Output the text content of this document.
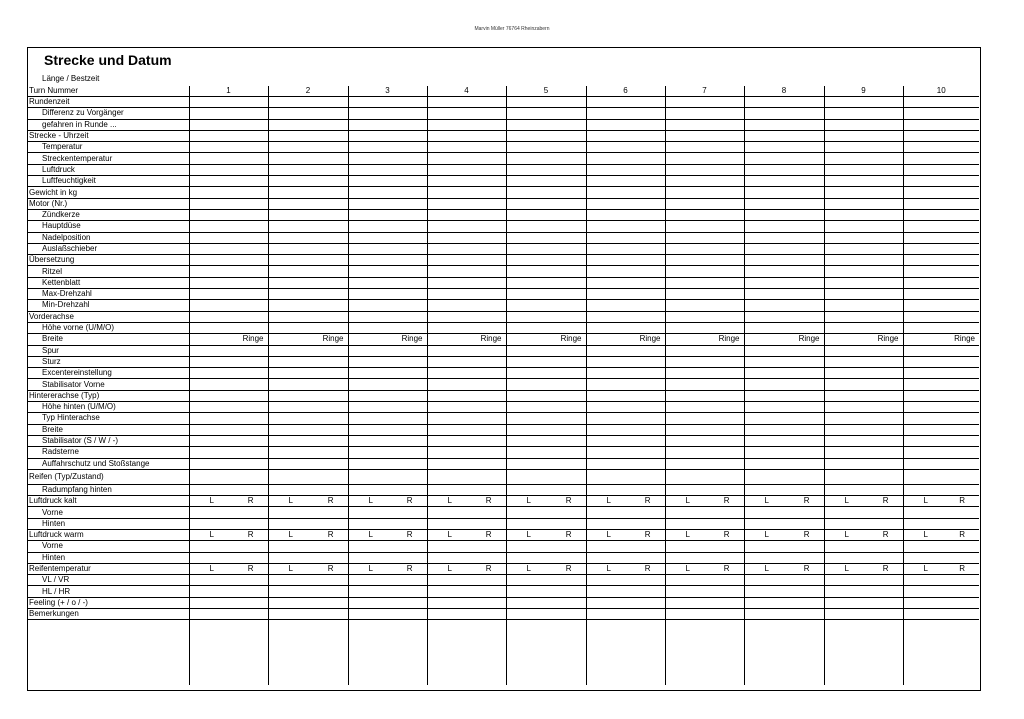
Marvin Müller 76764 Rheinzabern
Strecke und Datum
Länge / Bestzeit
Turn Nummer	1	2	3	4	5	6	7	8	9	10
Rundenzeit										
Differenz zu Vorgänger										
gefahren in Runde ...										
Strecke - Uhrzeit										
Temperatur										
Streckentemperatur										
Luftdruck										
Luftfeuchtigkeit										
Gewicht in kg										
Motor (Nr.)										
Zündkerze										
Hauptdüse										
Nadelposition										
Auslaßschieber										
Übersetzung										
Ritzel										
Kettenblatt										
Max-Drehzahl										
Min-Drehzahl										
Vorderachse										
Höhe vorne (U/M/O)										
Breite	Ringe	Ringe	Ringe	Ringe	Ringe	Ringe	Ringe	Ringe	Ringe	Ringe

Spur										
Sturz										
Excentereinstellung										
Stabilisator Vorne										
Hintererachse (Typ)										
Höhe hinten (U/M/O)										
Typ Hinterachse										
Breite										
Stabilisator (S / W / -)										
Radsterne										
Auffahrschutz und Stoßstange										
Reifen (Typ/Zustand)										
Radumpfang hinten										
Luftdruck kalt	L R	L R	L R	L R	L R	L R	L R	L R	L R	L R

Vorne										
Hinten										
Luftdruck warm	L R	L R	L R	L R	L R	L R	L R	L R	L R	L R

Vorne										
Hinten										
Reifentemperatur	L R	L R	L R	L R	L R	L R	L R	L R	L R	L R

VL / VR										
HL / HR										
Feeling (+ / o / -)										
Bemerkungen										
